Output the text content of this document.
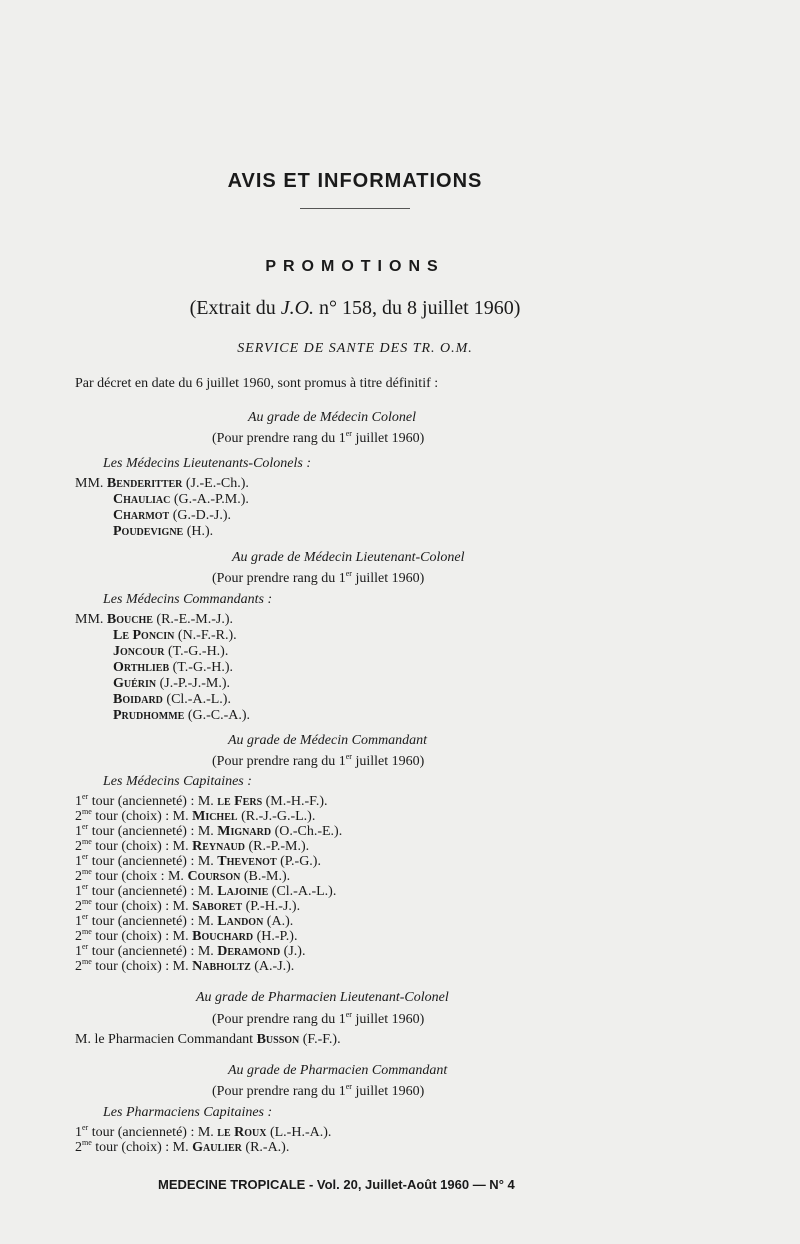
AVIS ET INFORMATIONS
PROMOTIONS
(Extrait du J.O. n° 158, du 8 juillet 1960)
SERVICE DE SANTE DES TR. O.M.
Par décret en date du 6 juillet 1960, sont promus à titre définitif :
Au grade de Médecin Colonel
(Pour prendre rang du 1er juillet 1960)
Les Médecins Lieutenants-Colonels :
MM. Benderitter (J.-E.-Ch.).
Chauliac (G.-A.-P.M.).
Charmot (G.-D.-J.).
Poudevigne (H.).
Au grade de Médecin Lieutenant-Colonel
(Pour prendre rang du 1er juillet 1960)
Les Médecins Commandants :
MM. Bouche (R.-E.-M.-J.).
Le Poncin (N.-F.-R.).
Joncour (T.-G.-H.).
Orthlieb (T.-G.-H.).
Guérin (J.-P.-J.-M.).
Boidard (Cl.-A.-L.).
Prudhomme (G.-C.-A.).
Au grade de Médecin Commandant
(Pour prendre rang du 1er juillet 1960)
Les Médecins Capitaines :
1er tour (ancienneté) : M. le Fers (M.-H.-F.).
$2^{me}$ tour (choix) : M. Michel (R.-J.-G.-L.).
1er tour (ancienneté) : M. Mignard (O.-Ch.-E.).
$2^{me}$ tour (choix) : M. Reynaud (R.-P.-M.).
1er tour (ancienneté) : M. Thevenot (P.-G.).
$2^{me}$ tour (choix : M. Courson (B.-M.).
1er tour (ancienneté) : M. Lajoinie (Cl.-A.-L.).
$2^{me}$ tour (choix) : M. Saboret (P.-H.-J.).
1er tour (ancienneté) : M. Landon (A.).
$2^{me}$ tour (choix) : M. Bouchard (H.-P.).
1er tour (ancienneté) : M. Deramond (J.).
$2^{me}$ tour (choix) : M. Nabholtz (A.-J.).
Au grade de Pharmacien Lieutenant-Colonel
(Pour prendre rang du 1er juillet 1960)
M. le Pharmacien Commandant Busson (F.-F.).
Au grade de Pharmacien Commandant
(Pour prendre rang du 1er juillet 1960)
Les Pharmaciens Capitaines :
1er tour (ancienneté) : M. le Roux (L.-H.-A.).
$2^{me}$ tour (choix) : M. Gaulier (R.-A.).
MEDECINE TROPICALE - Vol. 20, Juillet-Août 1960 — N° 4
